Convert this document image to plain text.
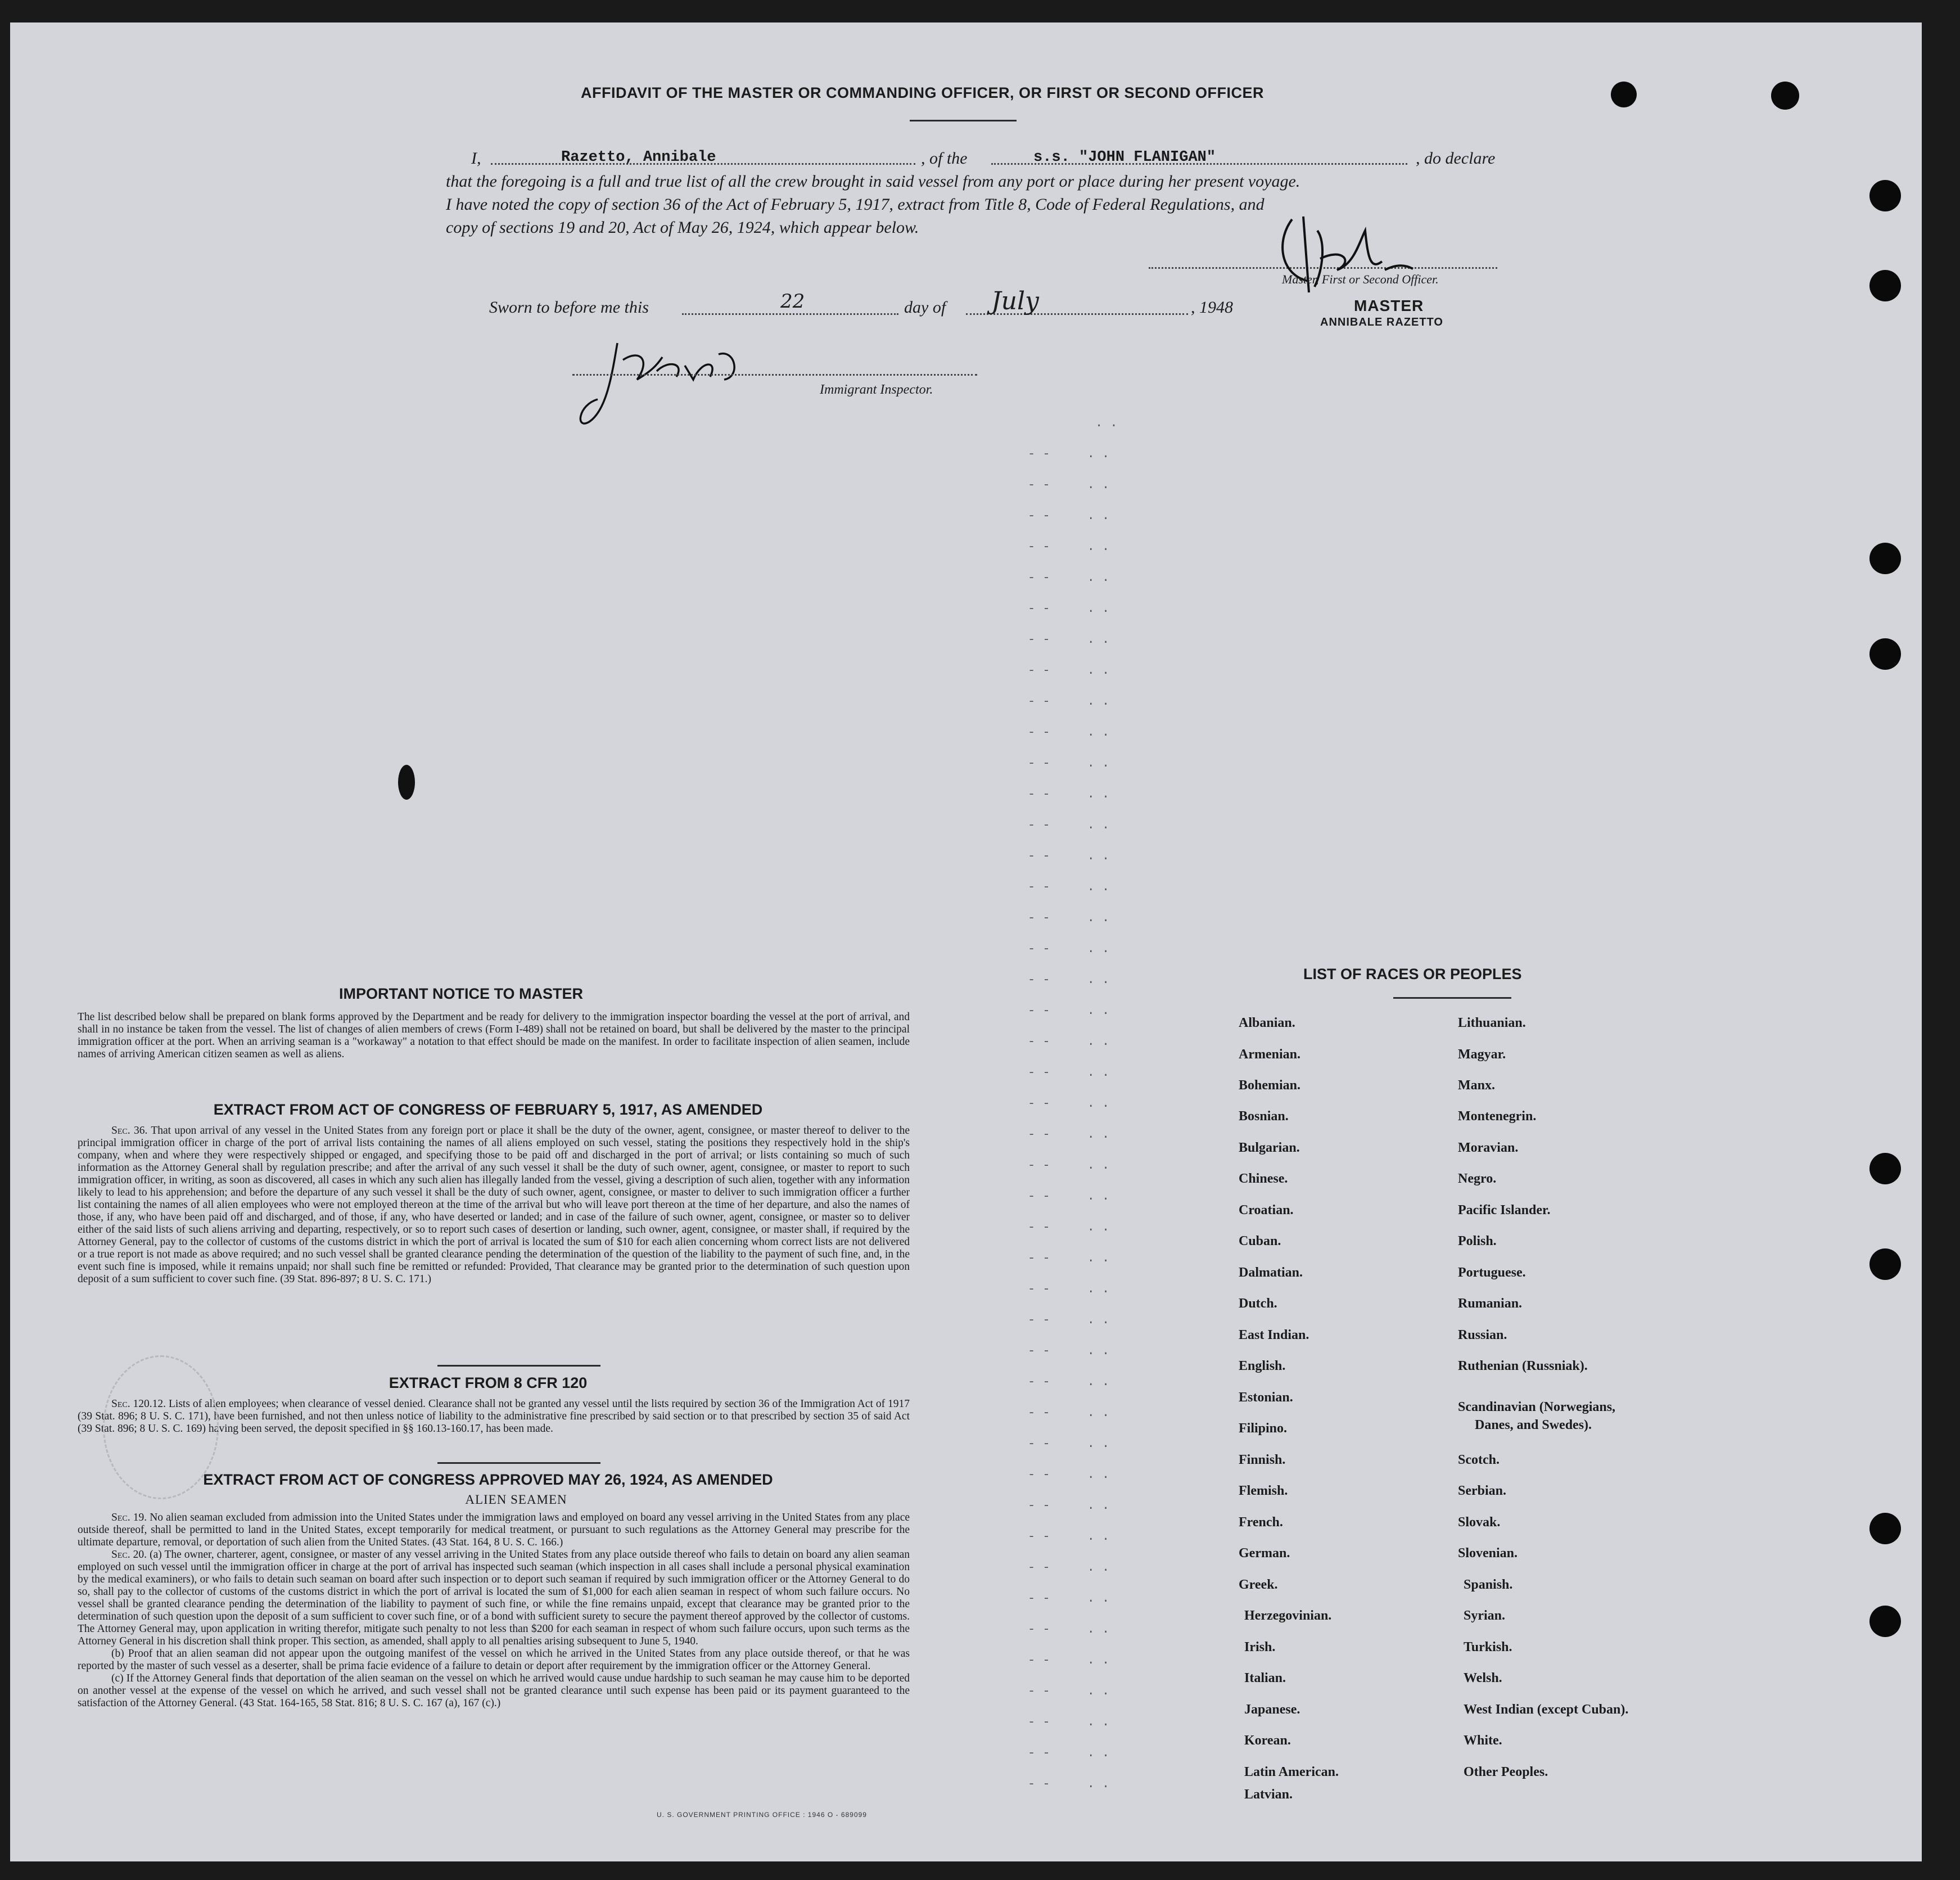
AFFIDAVIT OF THE MASTER OR COMMANDING OFFICER, OR FIRST OR SECOND OFFICER
I,	Razetto, Annibale	, of the	s.s. "JOHN FLANIGAN"	, do declare
that the foregoing is a full and true list of all the crew brought in said vessel from any port or place during her present voyage.
I have noted the copy of section 36 of the Act of February 5, 1917, extract from Title 8, Code of Federal Regulations, and
copy of sections 19 and 20, Act of May 26, 1924, which appear below.
Master, First or Second Officer.
Sworn to before me this	22	day of July	, 1948	MASTER
ANNIBALE RAZETTO
Immigrant Inspector.
. .
- -     . .
- -     . .
- -     . .
- -     . .
- -     . .
- -     . .
- -     . .
- -     . .
- -     . .
- -     . .
- -     . .
- -     . .
- -     . .
- -     . .
- -     . .
- -     . .
- -     . .
- -     . .
- -     . .
- -     . .
- -     . .
- -     . .
- -     . .
- -     . .
- -     . .
- -     . .
- -     . .
- -     . .
- -     . .
- -     . .
- -     . .
- -     . .
- -     . .
- -     . .
- -     . .
- -     . .
- -     . .
- -     . .
- -     . .
- -     . .
- -     . .
- -     . .
- -     . .
- -     . .
IMPORTANT NOTICE TO MASTER
The list described below shall be prepared on blank forms approved by the Department and be ready for delivery to the immigration inspector boarding the vessel at the port of arrival, and shall in no instance be taken from the vessel. The list of changes of alien members of crews (Form I-489) shall not be retained on board, but shall be delivered by the master to the principal immigration officer at the port. When an arriving seaman is a "workaway" a notation to that effect should be made on the manifest. In order to facilitate inspection of alien seamen, include names of arriving American citizen seamen as well as aliens.
EXTRACT FROM ACT OF CONGRESS OF FEBRUARY 5, 1917, AS AMENDED
Sec. 36. That upon arrival of any vessel in the United States from any foreign port or place it shall be the duty of the owner, agent, consignee, or master thereof to deliver to the principal immigration officer in charge of the port of arrival lists containing the names of all aliens employed on such vessel, stating the positions they respectively hold in the ship's company, when and where they were respectively shipped or engaged, and specifying those to be paid off and discharged in the port of arrival; or lists containing so much of such information as the Attorney General shall by regulation prescribe; and after the arrival of any such vessel it shall be the duty of such owner, agent, consignee, or master to report to such immigration officer, in writing, as soon as discovered, all cases in which any such alien has illegally landed from the vessel, giving a description of such alien, together with any information likely to lead to his apprehension; and before the departure of any such vessel it shall be the duty of such owner, agent, consignee, or master to deliver to such immigration officer a further list containing the names of all alien employees who were not employed thereon at the time of the arrival but who will leave port thereon at the time of her departure, and also the names of those, if any, who have been paid off and discharged, and of those, if any, who have deserted or landed; and in case of the failure of such owner, agent, consignee, or master so to deliver either of the said lists of such aliens arriving and departing, respectively, or so to report such cases of desertion or landing, such owner, agent, consignee, or master shall, if required by the Attorney General, pay to the collector of customs of the customs district in which the port of arrival is located the sum of $10 for each alien concerning whom correct lists are not delivered or a true report is not made as above required; and no such vessel shall be granted clearance pending the determination of the question of the liability to the payment of such fine, and, in the event such fine is imposed, while it remains unpaid; nor shall such fine be remitted or refunded: Provided, That clearance may be granted prior to the determination of such question upon deposit of a sum sufficient to cover such fine. (39 Stat. 896-897; 8 U. S. C. 171.)
EXTRACT FROM 8 CFR 120
Sec. 120.12. Lists of alien employees; when clearance of vessel denied. Clearance shall not be granted any vessel until the lists required by section 36 of the Immigration Act of 1917 (39 Stat. 896; 8 U. S. C. 171), have been furnished, and not then unless notice of liability to the administrative fine prescribed by said section or to that prescribed by section 35 of said Act (39 Stat. 896; 8 U. S. C. 169) having been served, the deposit specified in §§ 160.13-160.17, has been made.
EXTRACT FROM ACT OF CONGRESS APPROVED MAY 26, 1924, AS AMENDED
ALIEN SEAMEN

Sec. 19. No alien seaman excluded from admission into the United States under the immigration laws and employed on board any vessel arriving in the United States from any place outside thereof, shall be permitted to land in the United States, except temporarily for medical treatment, or pursuant to such regulations as the Attorney General may prescribe for the ultimate departure, removal, or deportation of such alien from the United States. (43 Stat. 164, 8 U. S. C. 166.)

Sec. 20. (a) The owner, charterer, agent, consignee, or master of any vessel arriving in the United States from any place outside thereof who fails to detain on board any alien seaman employed on such vessel until the immigration officer in charge at the port of arrival has inspected such seaman (which inspection in all cases shall include a personal physical examination by the medical examiners), or who fails to detain such seaman on board after such inspection or to deport such seaman if required by such immigration officer or the Attorney General to do so, shall pay to the collector of customs of the customs district in which the port of arrival is located the sum of $1,000 for each alien seaman in respect of whom such failure occurs. No vessel shall be granted clearance pending the determination of the liability to payment of such fine, or while the fine remains unpaid, except that clearance may be granted prior to the determination of such question upon the deposit of a sum sufficient to cover such fine, or of a bond with sufficient surety to secure the payment thereof approved by the collector of customs. The Attorney General may, upon application in writing therefor, mitigate such penalty to not less than $200 for each seaman in respect of whom such failure occurs, upon such terms as the Attorney General in his discretion shall think proper. This section, as amended, shall apply to all penalties arising subsequent to June 5, 1940.

(b) Proof that an alien seaman did not appear upon the outgoing manifest of the vessel on which he arrived in the United States from any place outside thereof, or that he was reported by the master of such vessel as a deserter, shall be prima facie evidence of a failure to detain or deport after requirement by the immigration officer or the Attorney General.

(c) If the Attorney General finds that deportation of the alien seaman on the vessel on which he arrived would cause undue hardship to such seaman he may cause him to be deported on another vessel at the expense of the vessel on which he arrived, and such vessel shall not be granted clearance until such expense has been paid or its payment guaranteed to the satisfaction of the Attorney General. (43 Stat. 164-165, 58 Stat. 816; 8 U. S. C. 167 (a), 167 (c).)

U. S. GOVERNMENT PRINTING OFFICE : 1946 O - 689099
LIST OF RACES OR PEOPLES
Albanian.
Armenian.
Bohemian.
Bosnian.
Bulgarian.
Chinese.
Croatian.
Cuban.
Dalmatian.
Dutch.
East Indian.
English.
Estonian.
Filipino.
Finnish.
Flemish.
French.
German.
Greek.
Herzegovinian.
Irish.
Italian.
Japanese.
Korean.
Latin American.
Lithuanian.
Magyar.
Manx.
Montenegrin.
Moravian.
Negro.
Pacific Islander.
Polish.
Portuguese.
Rumanian.
Russian.
Ruthenian (Russniak).
Scandinavian (Norwegians,
Danes, and Swedes).
Scotch.
Serbian.
Slovak.
Slovenian.
Spanish.
Syrian.
Turkish.
Welsh.
West Indian (except Cuban).
White.
Other Peoples.
Latvian.
